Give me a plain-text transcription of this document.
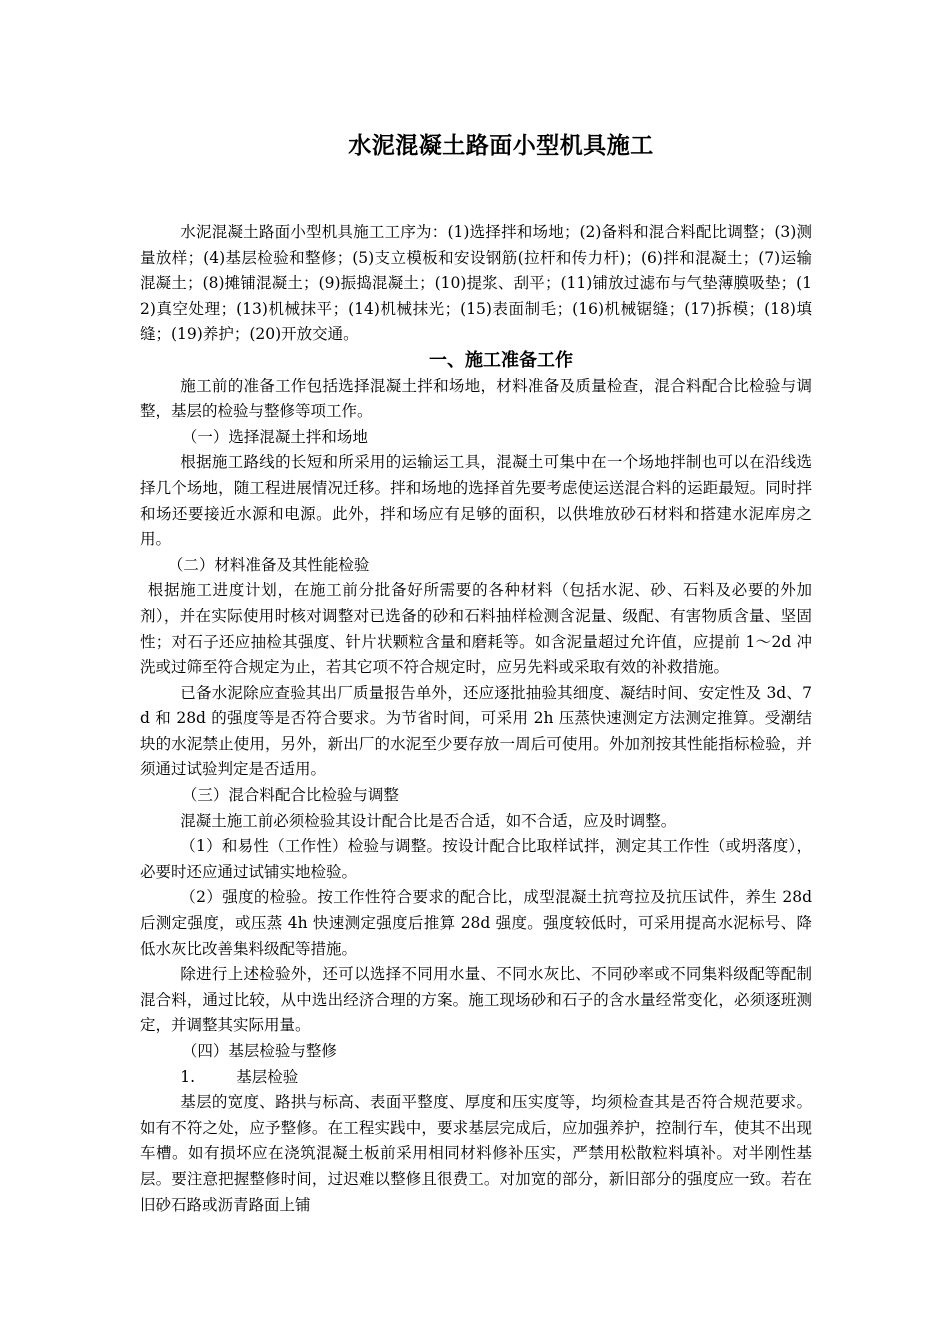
水泥混凝土路面小型机具施工

水泥混凝土路面小型机具施工工序为：(1)选择拌和场地；(2)备料和混合料配比调整；(3)测量放样；(4)基层检验和整修；(5)支立模板和安设钢筋(拉杆和传力杆)；(6)拌和混凝土；(7)运输混凝土；(8)摊铺混凝土；(9)振捣混凝土；(10)提浆、刮平；(11)铺放过滤布与气垫薄膜吸垫；(12)真空处理；(13)机械抹平；(14)机械抹光；(15)表面制毛；(16)机械锯缝；(17)拆模；(18)填缝；(19)养护；(20)开放交通。

一、施工准备工作

施工前的准备工作包括选择混凝土拌和场地，材料准备及质量检查，混合料配合比检验与调整，基层的检验与整修等项工作。

（一）选择混凝土拌和场地

根据施工路线的长短和所采用的运输运工具，混凝土可集中在一个场地拌制也可以在沿线选择几个场地，随工程进展情况迁移。拌和场地的选择首先要考虑使运送混合料的运距最短。同时拌和场还要接近水源和电源。此外，拌和场应有足够的面积，以供堆放砂石材料和搭建水泥库房之用。

（二）材料准备及其性能检验

根据施工进度计划，在施工前分批备好所需要的各种材料（包括水泥、砂、石料及必要的外加剂），并在实际使用时核对调整对已选备的砂和石料抽样检测含泥量、级配、有害物质含量、坚固性；对石子还应抽检其强度、针片状颗粒含量和磨耗等。如含泥量超过允许值，应提前 1～2d 冲洗或过筛至符合规定为止，若其它项不符合规定时，应另先料或采取有效的补救措施。

已备水泥除应查验其出厂质量报告单外，还应逐批抽验其细度、凝结时间、安定性及 3d、7d 和 28d 的强度等是否符合要求。为节省时间，可采用 2h 压蒸快速测定方法测定推算。受潮结块的水泥禁止使用，另外，新出厂的水泥至少要存放一周后可使用。外加剂按其性能指标检验，并须通过试验判定是否适用。

（三）混合料配合比检验与调整

混凝土施工前必须检验其设计配合比是否合适，如不合适，应及时调整。

（1）和易性（工作性）检验与调整。按设计配合比取样试拌，测定其工作性（或坍落度），必要时还应通过试铺实地检验。

（2）强度的检验。按工作性符合要求的配合比，成型混凝土抗弯拉及抗压试件，养生 28d 后测定强度，或压蒸 4h 快速测定强度后推算 28d 强度。强度较低时，可采用提高水泥标号、降低水灰比改善集料级配等措施。

除进行上述检验外，还可以选择不同用水量、不同水灰比、不同砂率或不同集料级配等配制混合料，通过比较，从中选出经济合理的方案。施工现场砂和石子的含水量经常变化，必须逐班测定，并调整其实际用量。

（四）基层检验与整修

1.	基层检验

基层的宽度、路拱与标高、表面平整度、厚度和压实度等，均须检查其是否符合规范要求。如有不符之处，应予整修。在工程实践中，要求基层完成后，应加强养护，控制行车，使其不出现车槽。如有损坏应在浇筑混凝土板前采用相同材料修补压实，严禁用松散粒料填补。对半刚性基层。要注意把握整修时间，过迟难以整修且很费工。对加宽的部分，新旧部分的强度应一致。若在旧砂石路或沥青路面上铺
